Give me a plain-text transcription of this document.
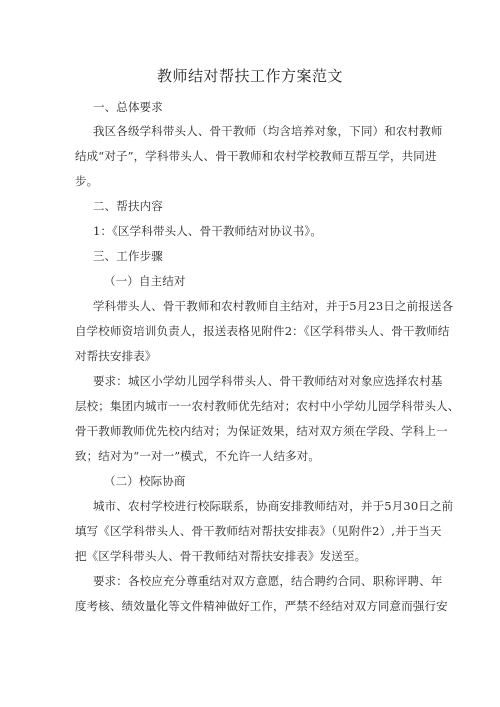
教师结对帮扶工作方案范文
一、总体要求
我区各级学科带头人、骨干教师（均含培养对象，下同）和农村教师
结成“对子”，学科带头人、骨干教师和农村学校教师互帮互学，共同进
步。
二、帮扶内容
1：《区学科带头人、骨干教师结对协议书》。
三、工作步骤
（一）自主结对
学科带头人、骨干教师和农村教师自主结对，并于5月23日之前报送各
自学校师资培训负责人，报送表格见附件2：《区学科带头人、骨干教师结
对帮扶安排表》
要求：城区小学幼儿园学科带头人、骨干教师结对对象应选择农村基
层校；集团内城市一一农村教师优先结对；农村中小学幼儿园学科带头人、
骨干教师教师优先校内结对；为保证效果，结对双方须在学段、学科上一
致；结对为“一对一”模式，不允许一人结多对。
（二）校际协商
城市、农村学校进行校际联系，协商安排教师结对，并于5月30日之前
填写《区学科带头人、骨干教师结对帮扶安排表》（见附件2）,并于当天
把《区学科带头人、骨干教师结对帮扶安排表》发送至。
要求：各校应充分尊重结对双方意愿，结合聘约合同、职称评聘、年
度考核、绩效量化等文件精神做好工作，严禁不经结对双方同意而强行安
